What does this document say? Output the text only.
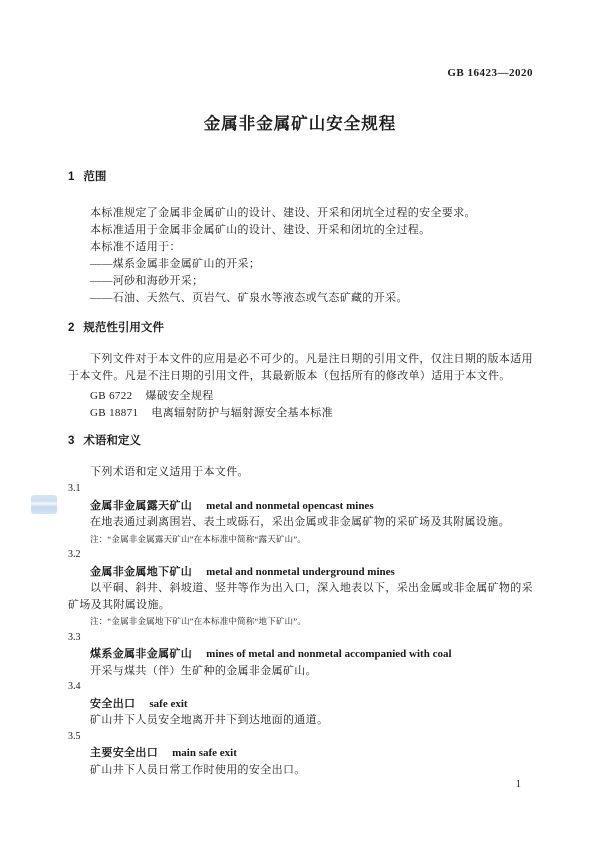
GB 16423—2020
金属非金属矿山安全规程

1 范围

本标准规定了金属非金属矿山的设计、建设、开采和闭坑全过程的安全要求。

本标准适用于金属非金属矿山的设计、建设、开采和闭坑的全过程。

本标准不适用于：

——煤系金属非金属矿山的开采；

——河砂和海砂开采；

——石油、天然气、页岩气、矿泉水等液态或气态矿藏的开采。

2 规范性引用文件

下列文件对于本文件的应用是必不可少的。凡是注日期的引用文件，仅注日期的版本适用于本文件。凡是不注日期的引用文件，其最新版本（包括所有的修改单）适用于本文件。

GB 6722 爆破安全规程

GB 18871 电离辐射防护与辐射源安全基本标准

3 术语和定义

下列术语和定义适用于本文件。

3.1

金属非金属露天矿山 metal and nonmetal opencast mines

在地表通过剥离围岩、表土或砾石，采出金属或非金属矿物的采矿场及其附属设施。

注：“金属非金属露天矿山”在本标准中简称“露天矿山”。

3.2

金属非金属地下矿山 metal and nonmetal underground mines

以平硐、斜井、斜坡道、竖井等作为出入口，深入地表以下，采出金属或非金属矿物的采矿场及其附属设施。

注：“金属非金属地下矿山”在本标准中简称“地下矿山”。

3.3

煤系金属非金属矿山 mines of metal and nonmetal accompanied with coal

开采与煤共（伴）生矿种的金属非金属矿山。

3.4

安全出口 safe exit

矿山井下人员安全地离开井下到达地面的通道。

3.5

主要安全出口 main safe exit

矿山井下人员日常工作时使用的安全出口。

1
